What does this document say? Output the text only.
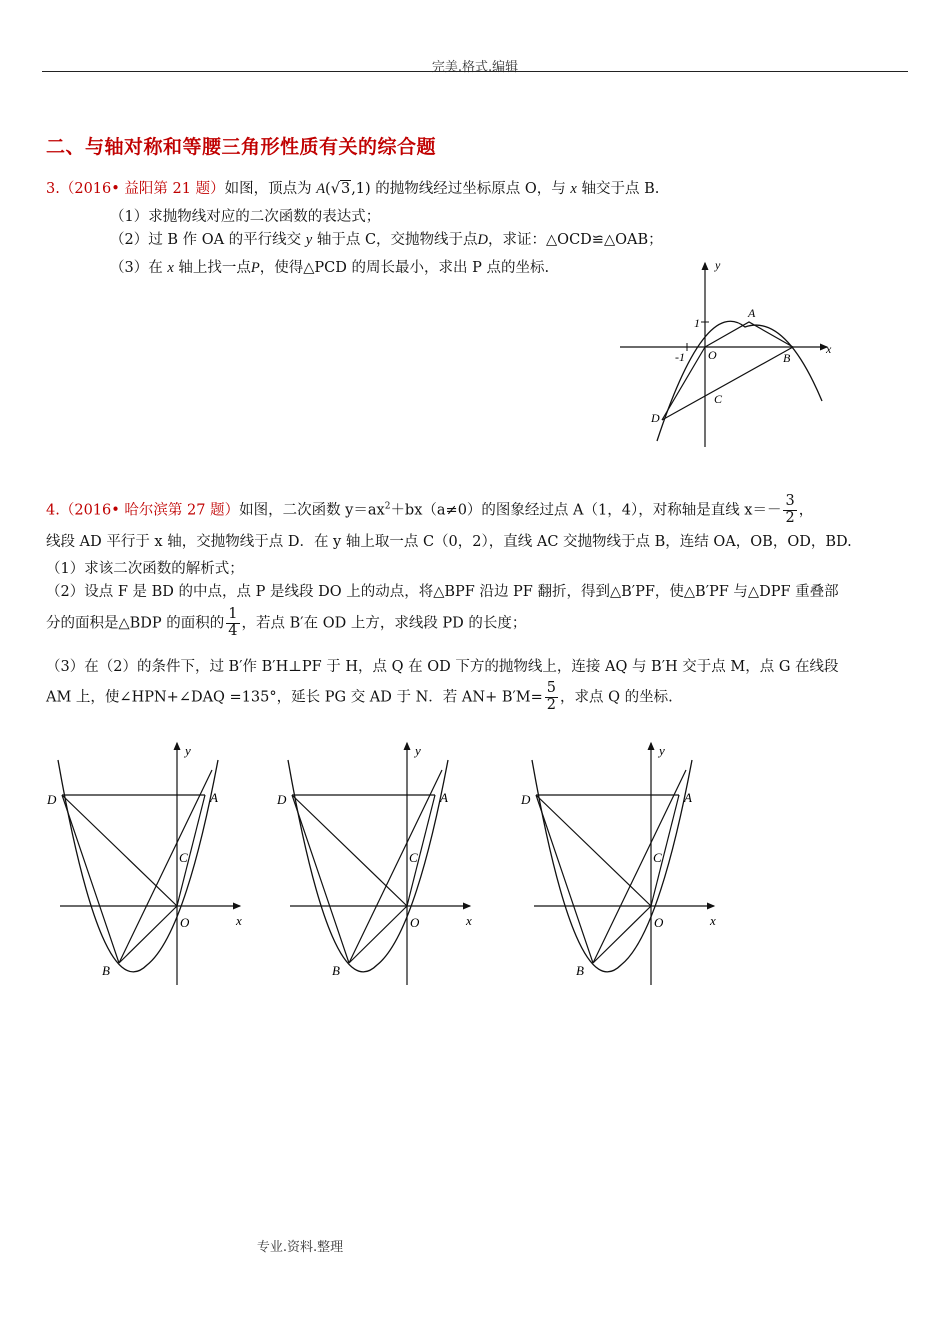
完美.格式.编辑
二、与轴对称和等腰三角形性质有关的综合题
3.（2016• 益阳第 21 题）如图，顶点为 A(√3,1) 的抛物线经过坐标原点 O，与 x 轴交于点 B.
（1）求抛物线对应的二次函数的表达式；
（2）过 B 作 OA 的平行线交 y 轴于点 C，交抛物线于点D，求证：△OCD≌△OAB；
（3）在 x 轴上找一点P，使得△PCD 的周长最小，求出 P 点的坐标.	y
x
1
-1 O
A
B
C
D
4.（2016• 哈尔滨第 27 题）如图，二次函数 $y=ax^2+bx(a\ne 0)$的图象经过点 A（1，4），对称轴是直线 $x=- \frac{3}{2}$ ，
线段 AD 平行于 x 轴，交抛物线于点 D．在 y 轴上取一点 C（0，2），直线 AC 交抛物线于点 B，连结 OA，OB，OD，BD.
（1）求该二次函数的解析式；
（2）设点 F 是 BD 的中点，点 P 是线段 DO 上的动点，将△BPF 沿边 PF 翻折，得到△B′PF，使△B′PF 与△DPF 重叠部
分的面积是△BDP 的面积的 $\frac{1}{4}$ ，若点 B′在 OD 上方，求线段 PD 的长度；
（3）在（2）的条件下，过 B′作 B′H⊥PF 于 H，点 Q 在 OD 下方的抛物线上，连接 AQ 与 B′H 交于点 M，点 G 在线段
AM 上，使∠HPN+∠DAQ =135°，延长 PG 交 AD 于 N．若 $AN+ B'M= \frac{5}{2}$ ，求点 Q 的坐标.
y
x
O
A
B
C
D
y
x
O
A
B
C
D
y
x
O
A
B
C
D
专业.资料.整理
